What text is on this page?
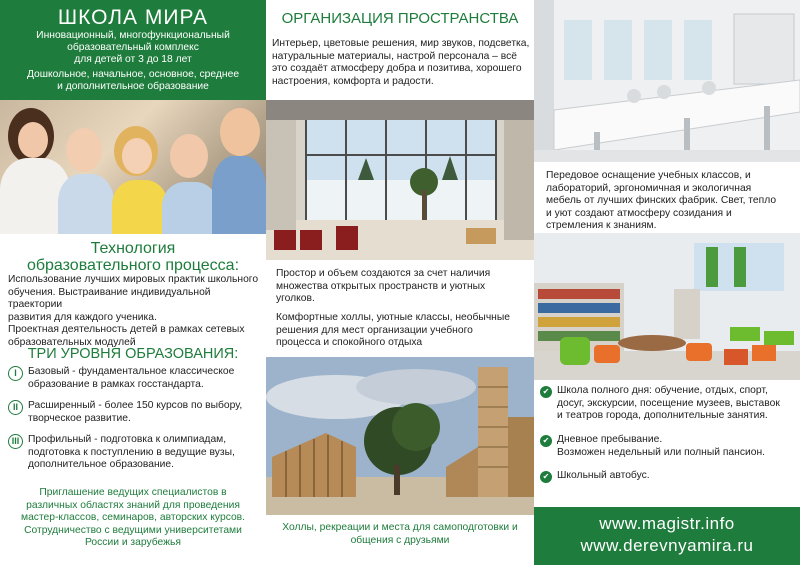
ШКОЛА МИРА

Инновационный, многофункциональный

образовательный комплекс

для детей от 3 до 18 лет

Дошкольное, начальное, основное, среднее

и дополнительное образование

Технология
образовательного процесса:
Использование лучших мировых практик школьного
обучения. Выстраивание индивидуальной траектории
развития для каждого ученика.
Проектная деятельность детей в рамках сетевых
образовательных модулей
ТРИ УРОВНЯ ОБРАЗОВАНИЯ:
I	Базовый - фундаментальное классическое
образование в рамках госстандарта.
II Расширенный - более 150 курсов по выбору,
творческое развитие.
III Профильный - подготовка к олимпиадам,
подготовка к поступлению в ведущие вузы,
дополнительное образование.
Приглашение ведущих специалистов в
различных областях знаний для проведения
мастер-классов, семинаров, авторских курсов.
Сотрудничество с ведущими университетами
России и зарубежья
ОРГАНИЗАЦИЯ ПРОСТРАНСТВА
Интерьер, цветовые решения, мир звуков, подсветка,
натуральные материалы, настрой персонала – всё
это создаёт атмосферу добра и позитива, хорошего
настроения, комфорта и радости.
Простор и объем создаются за счет наличия
множества открытых пространств и уютных
уголков.
Комфортные холлы, уютные классы, необычные
решения для мест организации учебного
процесса и спокойного отдыха
Холлы, рекреации и места для самоподготовки и
общения с друзьями
Передовое оснащение учебных классов, и
лабораторий, эргономичная и экологичная
мебель от лучших финских фабрик. Свет, тепло
и уют создают атмосферу созидания и
стремления к знаниям.
✔ Школа полного дня: обучение, отдых, спорт,
досуг, экскурсии, посещение музеев, выставок
и театров города, дополнительные занятия.
✔ Дневное пребывание.
Возможен недельный или полный пансион.
✔ Школьный автобус.
www.magistr.info
www.derevnyamira.ru
